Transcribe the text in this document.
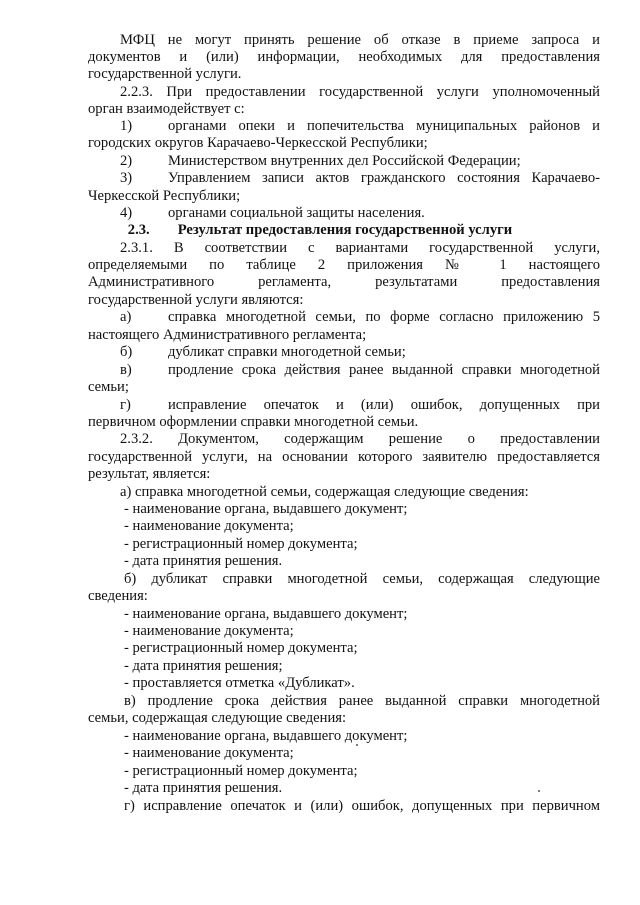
МФЦ не могут принять решение об отказе в приеме запроса и
документов и (или) информации, необходимых для предоставления
государственной услуги.
2.2.3. При предоставлении государственной услуги уполномоченный
орган взаимодействует с:
1) органами опеки и попечительства муниципальных районов и
городских округов Карачаево-Черкесской Республики;
2) Министерством внутренних дел Российской Федерации;
3) Управлением записи актов гражданского состояния Карачаево-
Черкесской Республики;
4) органами социальной защиты населения.
2.3. Результат предоставления государственной услуги
2.3.1. В соответствии с вариантами государственной услуги,
определяемыми по таблице 2 приложения № 1 настоящего
Административного регламента, результатами предоставления
государственной услуги являются:
а)	справка многодетной семьи, по форме согласно приложению 5
настоящего Административного регламента;
б) дубликат справки многодетной семьи;
в) продление срока действия ранее выданной справки многодетной
семьи;
г)	исправление опечаток и (или) ошибок, допущенных при
первичном оформлении справки многодетной семьи.
2.3.2. Документом, содержащим решение о предоставлении
государственной услуги, на основании которого заявителю предоставляется
результат, является:
а) справка многодетной семьи, содержащая следующие сведения:
- наименование органа, выдавшего документ;
- наименование документа;
- регистрационный номер документа;
- дата принятия решения.
б) дубликат справки многодетной семьи, содержащая следующие
сведения:
- наименование органа, выдавшего документ;
- наименование документа;
- регистрационный номер документа;
- дата принятия решения;
- проставляется отметка «Дубликат».
в) продление срока действия ранее выданной справки многодетной
семьи, содержащая следующие сведения:
- наименование органа, выдавшего документ;
- наименование документа;
- регистрационный номер документа;
- дата принятия решения.
г) исправление опечаток и (или) ошибок, допущенных при первичном
